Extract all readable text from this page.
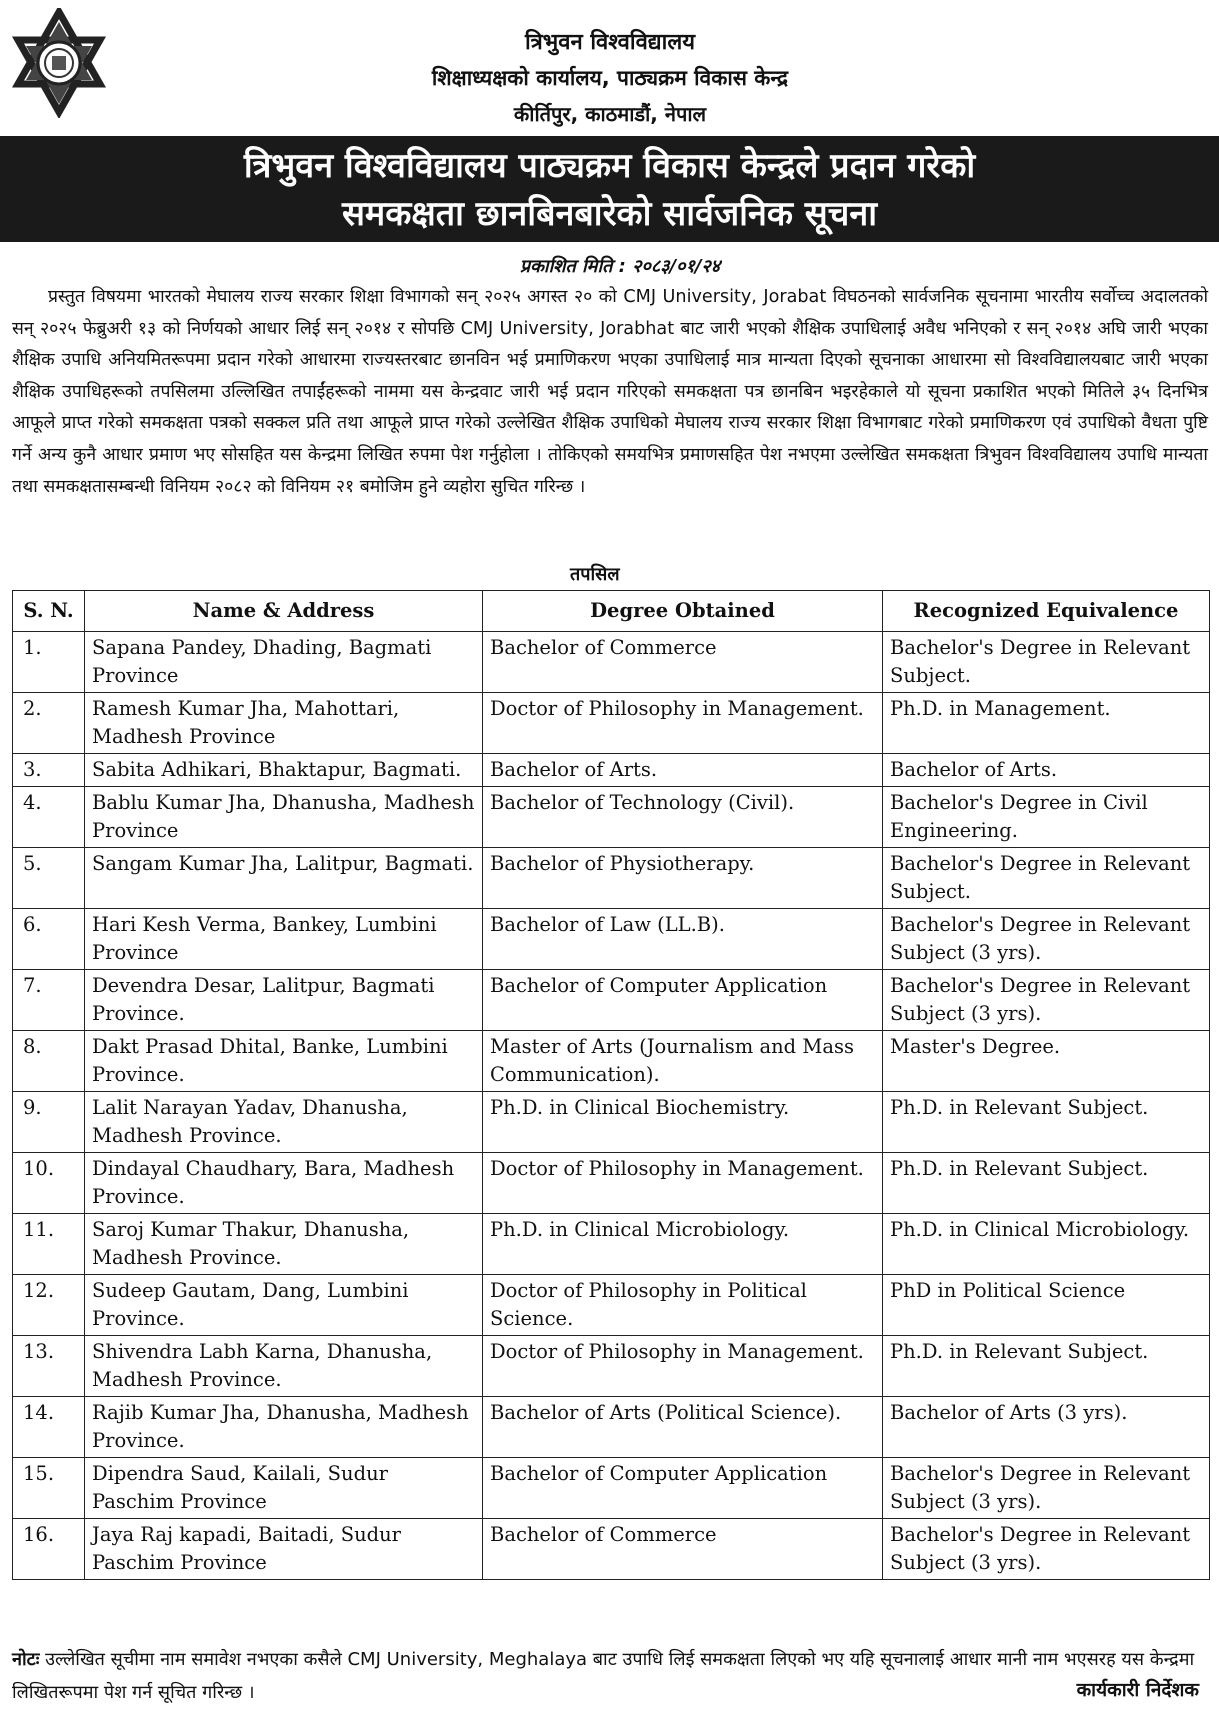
त्रिभुवन विश्वविद्यालय
शिक्षाध्यक्षको कार्यालय, पाठ्यक्रम विकास केन्द्र
कीर्तिपुर, काठमाडौं, नेपाल
त्रिभुवन विश्वविद्यालय पाठ्यक्रम विकास केन्द्रले प्रदान गरेको
समकक्षता छानबिनबारेको सार्वजनिक सूचना
प्रकाशित मिति : २०८३/०१/२४
प्रस्तुत विषयमा भारतको मेघालय राज्य सरकार शिक्षा विभागको सन् २०२५ अगस्त २० को CMJ University, Jorabat विघठनको सार्वजनिक सूचनामा भारतीय सर्वोच्च अदालतको सन् २०२५ फेब्रुअरी १३ को निर्णयको आधार लिई सन् २०१४ र सोपछि CMJ University, Jorabhat बाट जारी भएको शैक्षिक उपाधिलाई अवैध भनिएको र सन् २०१४ अघि जारी भएका शैक्षिक उपाधि अनियमितरूपमा प्रदान गरेको आधारमा राज्यस्तरबाट छानविन भई प्रमाणिकरण भएका उपाधिलाई मात्र मान्यता दिएको सूचनाका आधारमा सो विश्वविद्यालयबाट जारी भएका शैक्षिक उपाधिहरूको तपसिलमा उल्लिखित तपाईंहरूको नाममा यस केन्द्रवाट जारी भई प्रदान गरिएको समकक्षता पत्र छानबिन भइरहेकाले यो सूचना प्रकाशित भएको मितिले ३५ दिनभित्र आफूले प्राप्त गरेको समकक्षता पत्रको सक्कल प्रति तथा आफूले प्राप्त गरेको उल्लेखित शैक्षिक उपाधिको मेघालय राज्य सरकार शिक्षा विभागबाट गरेको प्रमाणिकरण एवं उपाधिको वैधता पुष्टि गर्ने अन्य कुनै आधार प्रमाण भए सोसहित यस केन्द्रमा लिखित रुपमा पेश गर्नुहोला । तोकिएको समयभित्र प्रमाणसहित पेश नभएमा उल्लेखित समकक्षता त्रिभुवन विश्वविद्यालय उपाधि मान्यता तथा समकक्षतासम्बन्धी विनियम २०८२ को विनियम २१ बमोजिम हुने व्यहोरा सुचित गरिन्छ ।
तपसिल
S. N.	Name & Address	Degree Obtained	Recognized Equivalence
1.	Sapana Pandey, Dhading, Bagmati Province	Bachelor of Commerce	Bachelor's Degree in Relevant Subject.
2.	Ramesh Kumar Jha, Mahottari, Madhesh Province	Doctor of Philosophy in Management.	Ph.D. in Management.
3.	Sabita Adhikari, Bhaktapur, Bagmati.	Bachelor of Arts.	Bachelor of Arts.
4.	Bablu Kumar Jha, Dhanusha, Madhesh Province	Bachelor of Technology (Civil).	Bachelor's Degree in Civil Engineering.
5.	Sangam Kumar Jha, Lalitpur, Bagmati.	Bachelor of Physiotherapy.	Bachelor's Degree in Relevant Subject.
6.	Hari Kesh Verma, Bankey, Lumbini Province	Bachelor of Law (LL.B).	Bachelor's Degree in Relevant Subject (3 yrs).
7.	Devendra Desar, Lalitpur, Bagmati Province.	Bachelor of Computer Application	Bachelor's Degree in Relevant Subject (3 yrs).
8.	Dakt Prasad Dhital, Banke, Lumbini Province.	Master of Arts (Journalism and Mass Communication).	Master's Degree.
9.	Lalit Narayan Yadav, Dhanusha, Madhesh Province.	Ph.D. in Clinical Biochemistry.	Ph.D. in Relevant Subject.
10.	Dindayal Chaudhary, Bara, Madhesh Province.	Doctor of Philosophy in Management.	Ph.D. in Relevant Subject.
11.	Saroj Kumar Thakur, Dhanusha, Madhesh Province.	Ph.D. in Clinical Microbiology.	Ph.D. in Clinical Microbiology.
12.	Sudeep Gautam, Dang, Lumbini Province.	Doctor of Philosophy in Political Science.	PhD in Political Science
13.	Shivendra Labh Karna, Dhanusha, Madhesh Province.	Doctor of Philosophy in Management.	Ph.D. in Relevant Subject.
14.	Rajib Kumar Jha, Dhanusha, Madhesh Province.	Bachelor of Arts (Political Science).	Bachelor of Arts (3 yrs).
15.	Dipendra Saud, Kailali, Sudur Paschim Province	Bachelor of Computer Application	Bachelor's Degree in Relevant Subject (3 yrs).
16.	Jaya Raj kapadi, Baitadi, Sudur Paschim Province	Bachelor of Commerce	Bachelor's Degree in Relevant Subject (3 yrs).
नोटः उल्लेखित सूचीमा नाम समावेश नभएका कसैले CMJ University, Meghalaya बाट उपाधि लिई समकक्षता लिएको भए यहि सूचनालाई आधार मानी नाम भएसरह यस केन्द्रमा लिखितरूपमा पेश गर्न सूचित गरिन्छ ।	कार्यकारी निर्देशक
